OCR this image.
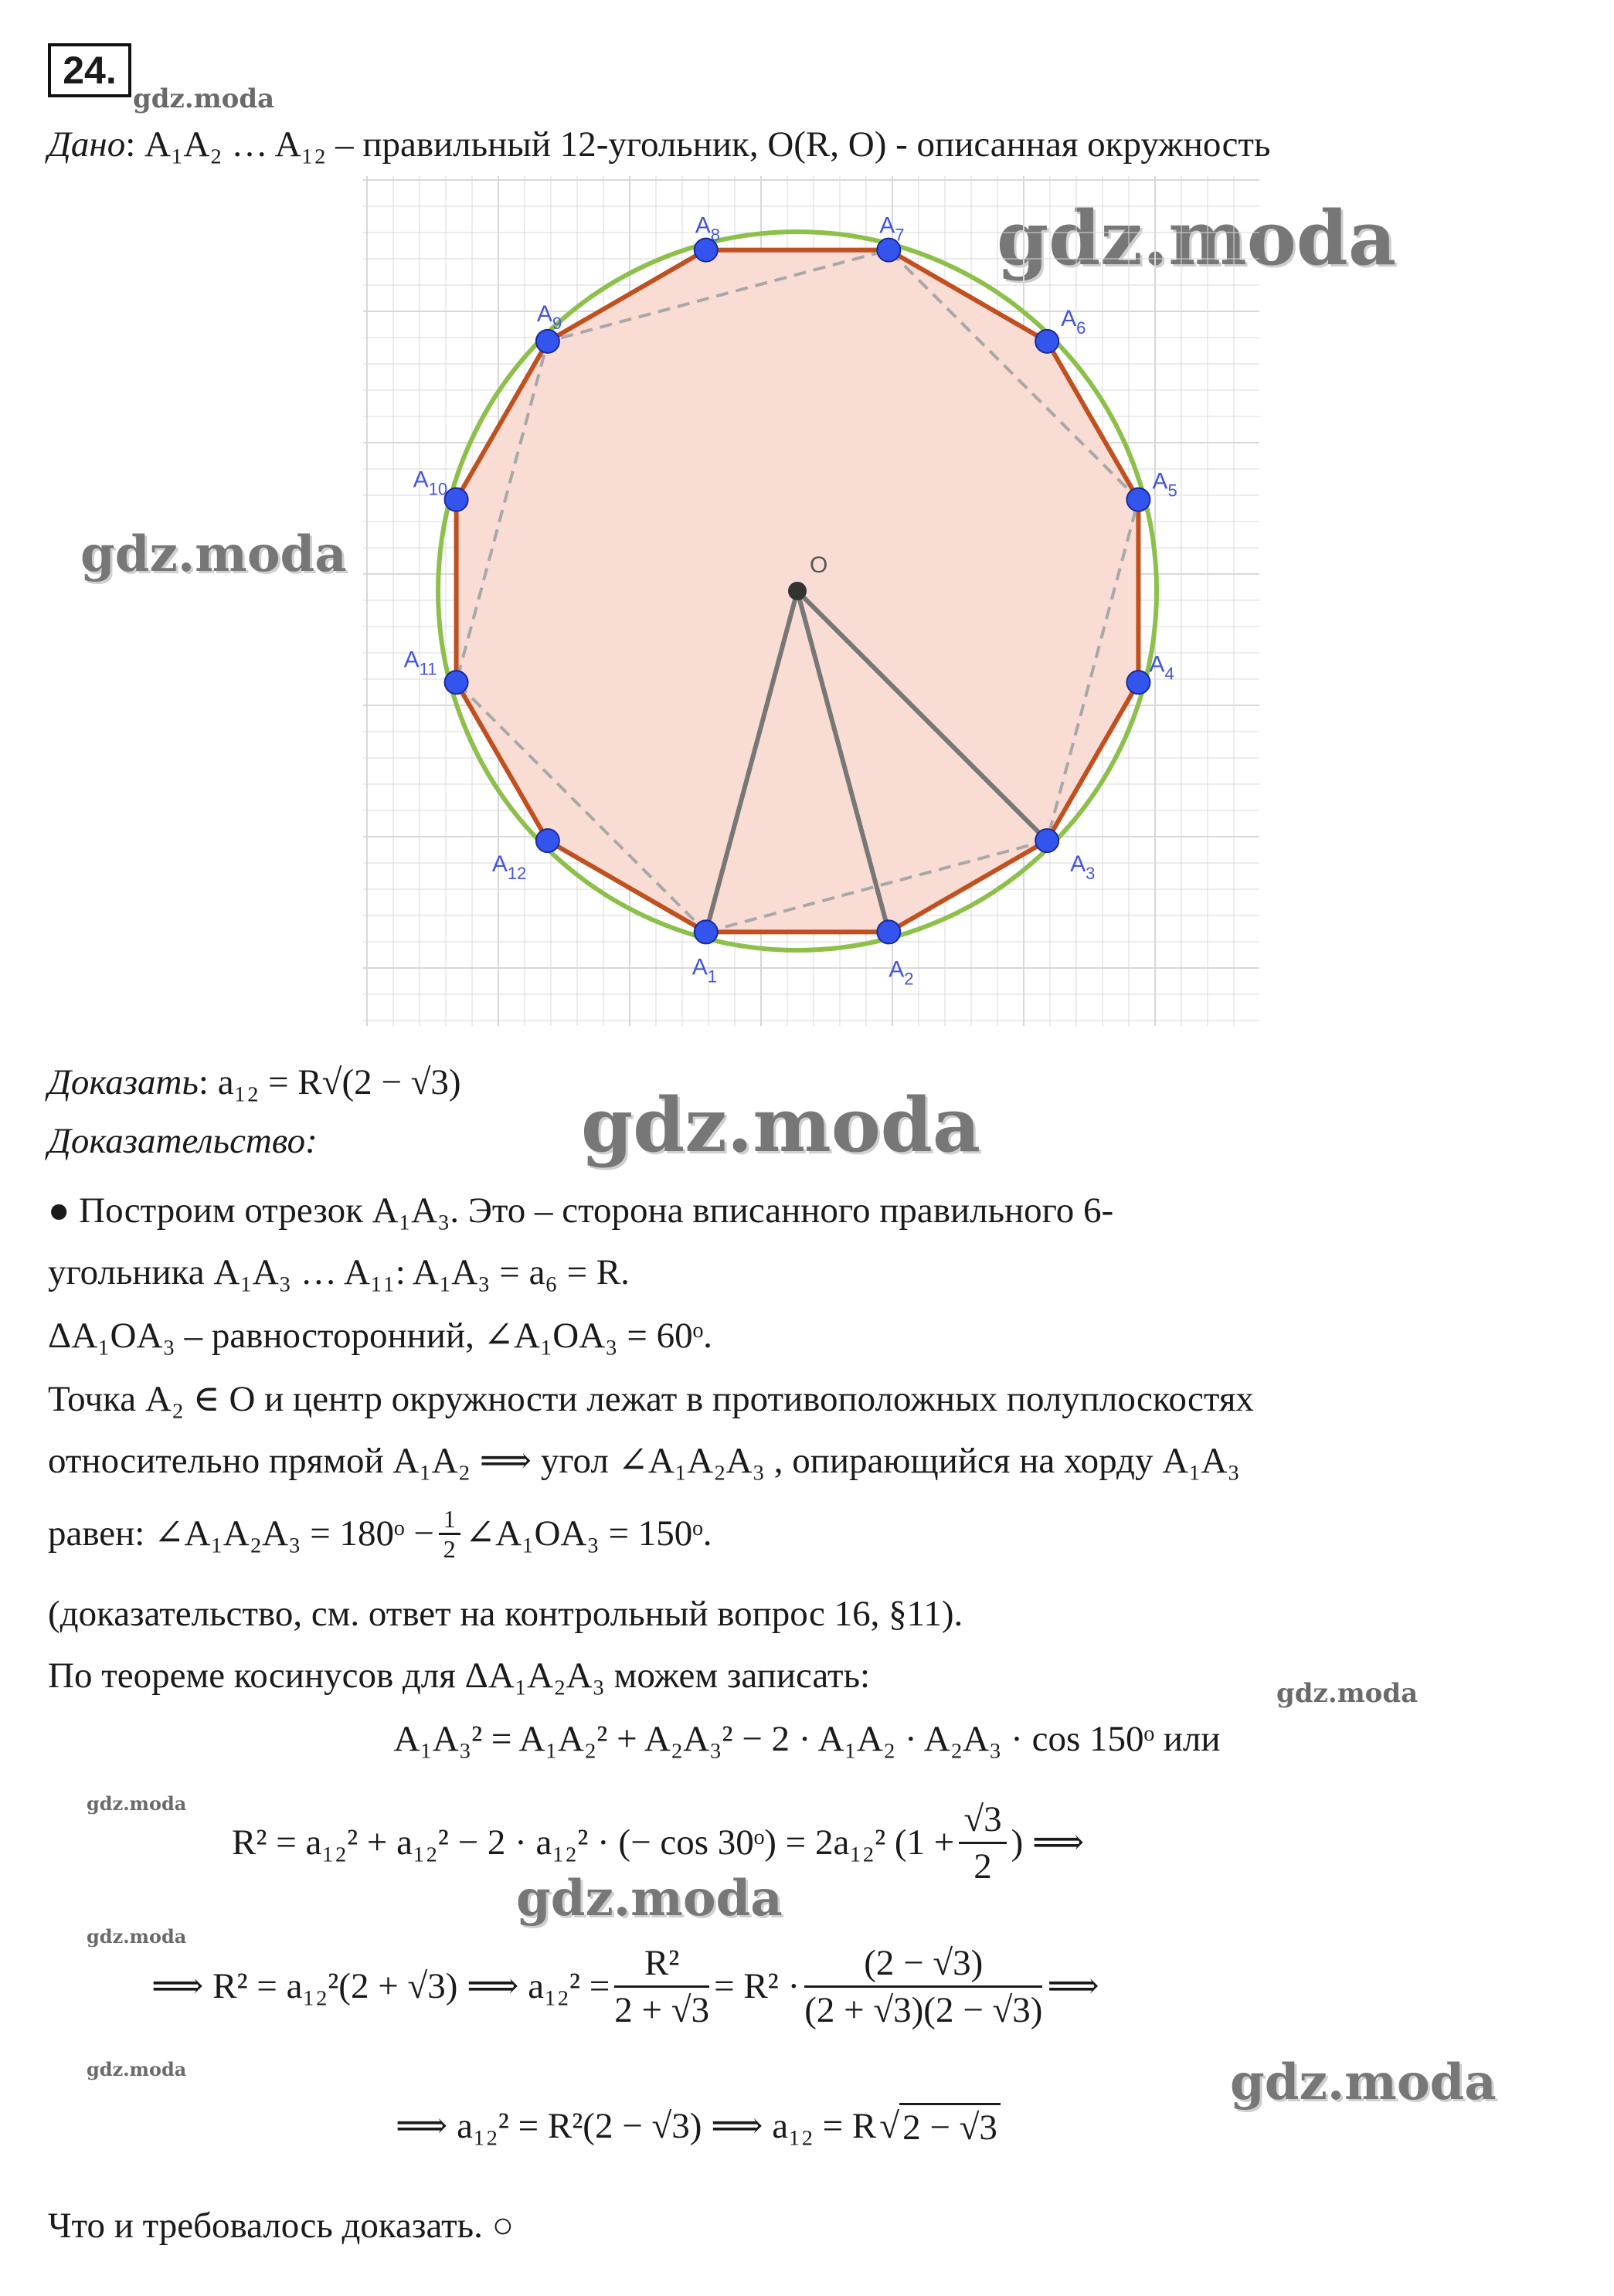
24.
gdz.moda
gdz.moda
gdz.moda
gdz.moda
gdz.moda
gdz.moda
gdz.moda
gdz.moda
gdz.moda	gdz.moda
Дано: A₁A₂ … A₁₂ – правильный 12-угольник, O(R, O) - описанная окружность
$A_1$	$A_2$
$A_3$
$A_4$
$A_5$
$A_6$
$A_7$
$A_8$
$A_9$
$A_{10}$
$A_{11}$
$A_{12}$
O
Доказать: a₁₂ = R√(2 − √3)
Доказательство:
● Построим отрезок A₁A₃. Это – сторона вписанного правильного 6-
угольника A₁A₃ … A₁₁: A₁A₃ = a₆ = R.
ΔA₁OA₃ – равносторонний, ∠A₁OA₃ = 60ᵒ.
Точка A₂ ∈ O и центр окружности лежат в противоположных полуплоскостях
относительно прямой A₁A₂ ⟹ угол ∠A₁A₂A₃ , опирающийся на хорду A₁A₃
равен: ∠A₁A₂A₃ = 180ᵒ − $\frac{1}{2}$ ∠A₁OA₃ = 150ᵒ.
(доказательство, см. ответ на контрольный вопрос 16, §11).
По теореме косинусов для ΔA₁A₂A₃ можем записать:
A₁A₃² = A₁A₂² + A₂A₃² − 2 · A₁A₂ · A₂A₃ · cos 150ᵒ или
R² = a₁₂² + a₁₂² − 2 · a₁₂² · (− cos 30ᵒ) = 2a₁₂² ($1 + \frac{√3}{2}$ ) ⟹
⟹ R² = a₁₂²(2 + √3) ⟹ $a_{12}^2 = \frac{\text{R²}}{2 + √3} = R^2 \cdot \frac{(2 - √3)}{(2 + √3)(2 - √3)}$ ⟹
⟹ a₁₂² = R²(2 − √3) ⟹ a₁₂ = R √ 2 − √3
Что и требовалось доказать. ○
